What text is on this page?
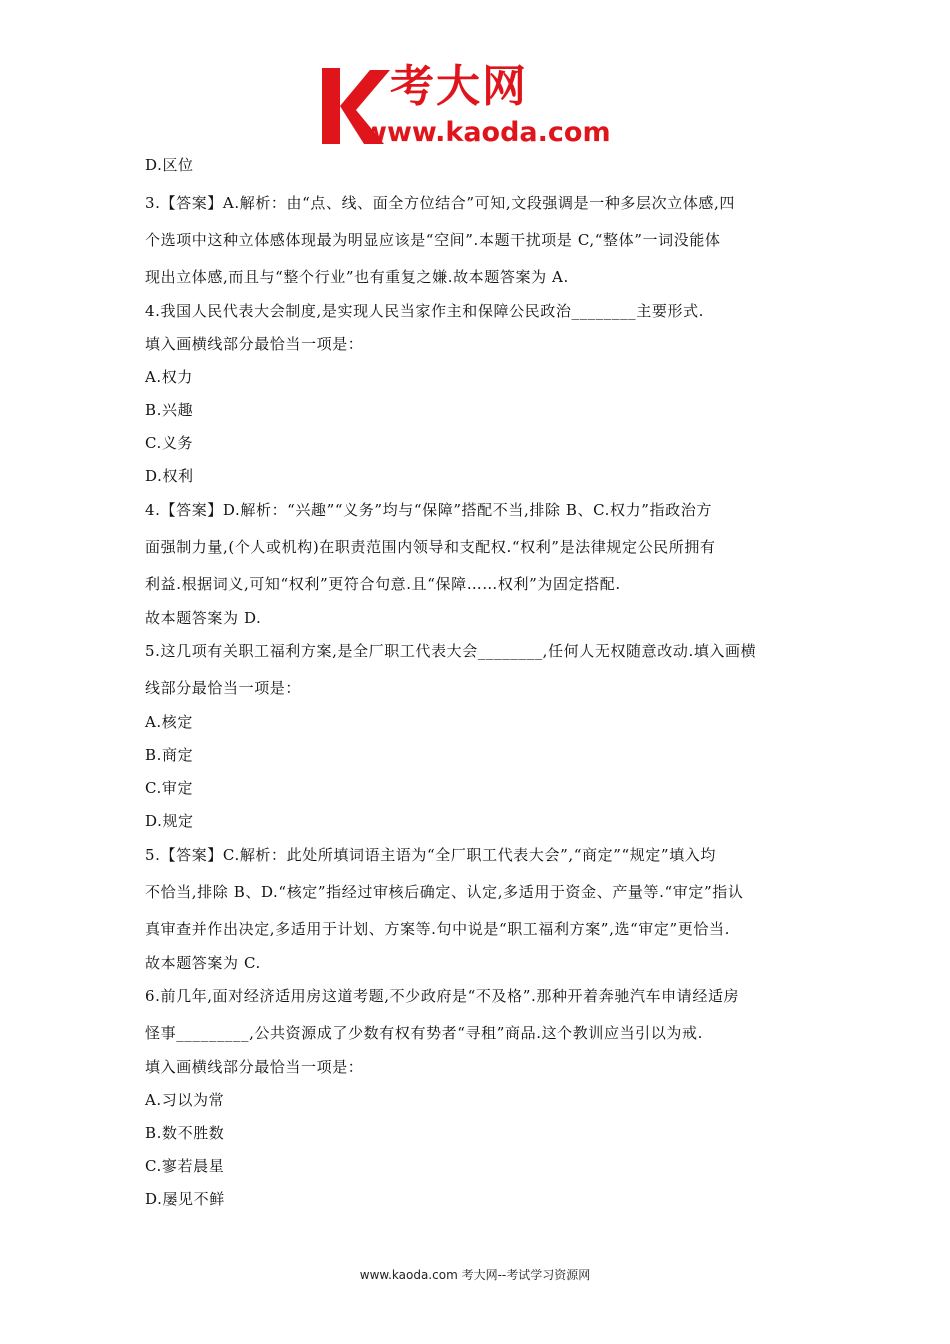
考大网
www.kaoda.com
D.区位
3.【答案】A.解析：由“点、线、面全方位结合”可知,文段强调是一种多层次立体感,四
个选项中这种立体感体现最为明显应该是“空间”.本题干扰项是 C,“整体”一词没能体
现出立体感,而且与“整个行业”也有重复之嫌.故本题答案为 A.
4.我国人民代表大会制度,是实现人民当家作主和保障公民政治________主要形式.
填入画横线部分最恰当一项是：
A.权力
B.兴趣
C.义务
D.权利
4.【答案】D.解析：“兴趣”“义务”均与“保障”搭配不当,排除 B、C.权力”指政治方
面强制力量,(个人或机构)在职责范围内领导和支配权.“权利”是法律规定公民所拥有
利益.根据词义,可知“权利”更符合句意.且“保障……权利”为固定搭配.
故本题答案为 D.
5.这几项有关职工福利方案,是全厂职工代表大会________,任何人无权随意改动.填入画横
线部分最恰当一项是：
A.核定
B.商定
C.审定
D.规定
5.【答案】C.解析：此处所填词语主语为“全厂职工代表大会”,“商定”“规定”填入均
不恰当,排除 B、D.“核定”指经过审核后确定、认定,多适用于资金、产量等.“审定”指认
真审查并作出决定,多适用于计划、方案等.句中说是“职工福利方案”,选“审定”更恰当.
故本题答案为 C.
6.前几年,面对经济适用房这道考题,不少政府是“不及格”.那种开着奔驰汽车申请经适房
怪事_________,公共资源成了少数有权有势者“寻租”商品.这个教训应当引以为戒.
填入画横线部分最恰当一项是：
A.习以为常
B.数不胜数
C.寥若晨星
D.屡见不鲜
www.kaoda.com 考大网--考试学习资源网
